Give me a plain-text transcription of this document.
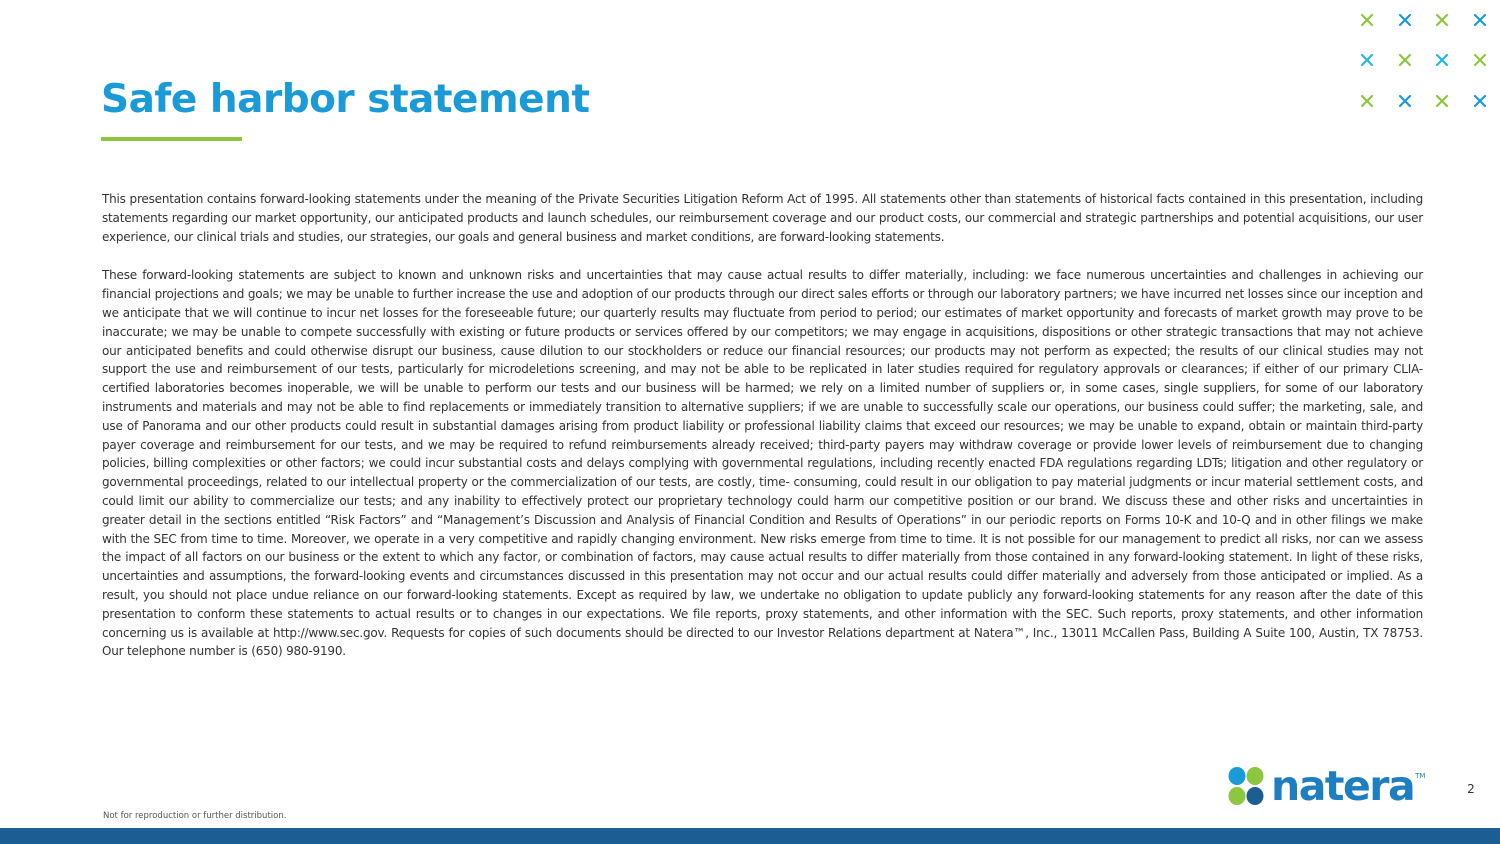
Safe harbor statement

This presentation contains forward-looking statements under the meaning of the Private Securities Litigation Reform Act of 1995. All statements other than statements of historical facts contained in this presentation, including statements regarding our market opportunity, our anticipated products and launch schedules, our reimbursement coverage and our product costs, our commercial and strategic partnerships and potential acquisitions, our user experience, our clinical trials and studies, our strategies, our goals and general business and market conditions, are forward-looking statements.

These forward-looking statements are subject to known and unknown risks and uncertainties that may cause actual results to differ materially, including: we face numerous uncertainties and challenges in achieving our financial projections and goals; we may be unable to further increase the use and adoption of our products through our direct sales efforts or through our laboratory partners; we have incurred net losses since our inception and we anticipate that we will continue to incur net losses for the foreseeable future; our quarterly results may fluctuate from period to period; our estimates of market opportunity and forecasts of market growth may prove to be inaccurate; we may be unable to compete successfully with existing or future products or services offered by our competitors; we may engage in acquisitions, dispositions or other strategic transactions that may not achieve our anticipated benefits and could otherwise disrupt our business, cause dilution to our stockholders or reduce our financial resources; our products may not perform as expected; the results of our clinical studies may not support the use and reimbursement of our tests, particularly for microdeletions screening, and may not be able to be replicated in later studies required for regulatory approvals or clearances; if either of our primary CLIA-certified laboratories becomes inoperable, we will be unable to perform our tests and our business will be harmed; we rely on a limited number of suppliers or, in some cases, single suppliers, for some of our laboratory instruments and materials and may not be able to find replacements or immediately transition to alternative suppliers; if we are unable to successfully scale our operations, our business could suffer; the marketing, sale, and use of Panorama and our other products could result in substantial damages arising from product liability or professional liability claims that exceed our resources; we may be unable to expand, obtain or maintain third-party payer coverage and reimbursement for our tests, and we may be required to refund reimbursements already received; third-party payers may withdraw coverage or provide lower levels of reimbursement due to changing policies, billing complexities or other factors; we could incur substantial costs and delays complying with governmental regulations, including recently enacted FDA regulations regarding LDTs; litigation and other regulatory or governmental proceedings, related to our intellectual property or the commercialization of our tests, are costly, time- consuming, could result in our obligation to pay material judgments or incur material settlement costs, and could limit our ability to commercialize our tests; and any inability to effectively protect our proprietary technology could harm our competitive position or our brand. We discuss these and other risks and uncertainties in greater detail in the sections entitled “Risk Factors” and “Management’s Discussion and Analysis of Financial Condition and Results of Operations” in our periodic reports on Forms 10-K and 10-Q and in other filings we make with the SEC from time to time. Moreover, we operate in a very competitive and rapidly changing environment. New risks emerge from time to time. It is not possible for our management to predict all risks, nor can we assess the impact of all factors on our business or the extent to which any factor, or combination of factors, may cause actual results to differ materially from those contained in any forward-looking statement. In light of these risks, uncertainties and assumptions, the forward-looking events and circumstances discussed in this presentation may not occur and our actual results could differ materially and adversely from those anticipated or implied. As a result, you should not place undue reliance on our forward-looking statements. Except as required by law, we undertake no obligation to update publicly any forward-looking statements for any reason after the date of this presentation to conform these statements to actual results or to changes in our expectations. We file reports, proxy statements, and other information with the SEC. Such reports, proxy statements, and other information concerning us is available at http://www.sec.gov. Requests for copies of such documents should be directed to our Investor Relations department at Natera™, Inc., 13011 McCallen Pass, Building A Suite 100, Austin, TX 78753. Our telephone number is (650) 980-9190.

Not for reproduction or further distribution.
natera TM
2
